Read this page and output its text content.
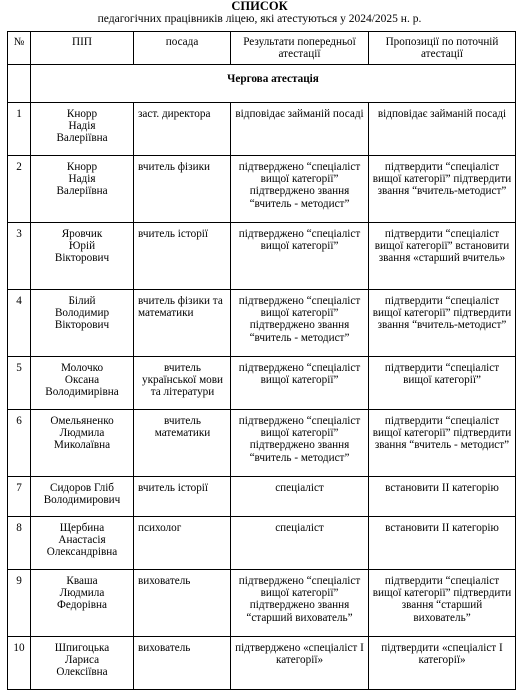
СПИСОК
педагогічних працівників ліцею, які атестуються у 2024/2025 н. р.
№	ПІП	посада	Результати попередньої атестації	Пропозиції по поточній атестації
	Чергова атестація			
1	Кнорр
Надія
Валеріївна	заст. директора	відповідає займаній посаді	відповідає займаній посаді
2	Кнорр
Надія
Валеріївна	вчитель фізики	підтверджено “спеціаліст вищої категорії” підтверджено звання “вчитель - методист”	підтвердити “спеціаліст вищої категорії” підтвердити звання “вчитель-методист”
3	Яровчик
Юрій
Вікторович	вчитель історії	підтверджено “спеціаліст вищої категорії”	підтвердити “спеціаліст вищої категорії” встановити звання «старший вчитель»
4	Білий
Володимир
Вікторович	вчитель фізики та математики	підтверджено “спеціаліст вищої категорії” підтверджено звання “вчитель - методист”	підтвердити “спеціаліст вищої категорії” підтвердити звання “вчитель-методист”
5	Молочко
Оксана
Володимирівна	вчитель української мови та літератури	підтверджено “спеціаліст вищої категорії”	підтвердити “спеціаліст вищої категорії”
6	Омельяненко
Людмила
Миколаївна	вчитель математики	підтверджено “спеціаліст вищої категорії” підтверджено звання “вчитель - методист”	підтвердити “спеціаліст вищої категорії” підтвердити звання “вчитель - методист”
7	Сидоров Гліб
Володимирович	вчитель історії	спеціаліст	встановити ІІ категорію
8	Щербина
Анастасія
Олександрівна	психолог	спеціаліст	встановити ІІ категорію
9	Кваша
Людмила
Федорівна	вихователь	підтверджено “спеціаліст вищої категорії” підтверджено звання “старший вихователь”	підтвердити “спеціаліст вищої категорії” підтвердити звання “старший вихователь”
10	Шпигоцька
Лариса
Олексіївна	вихователь	підтверджено «спеціаліст І категорії»	підтвердити «спеціаліст І категорії»
